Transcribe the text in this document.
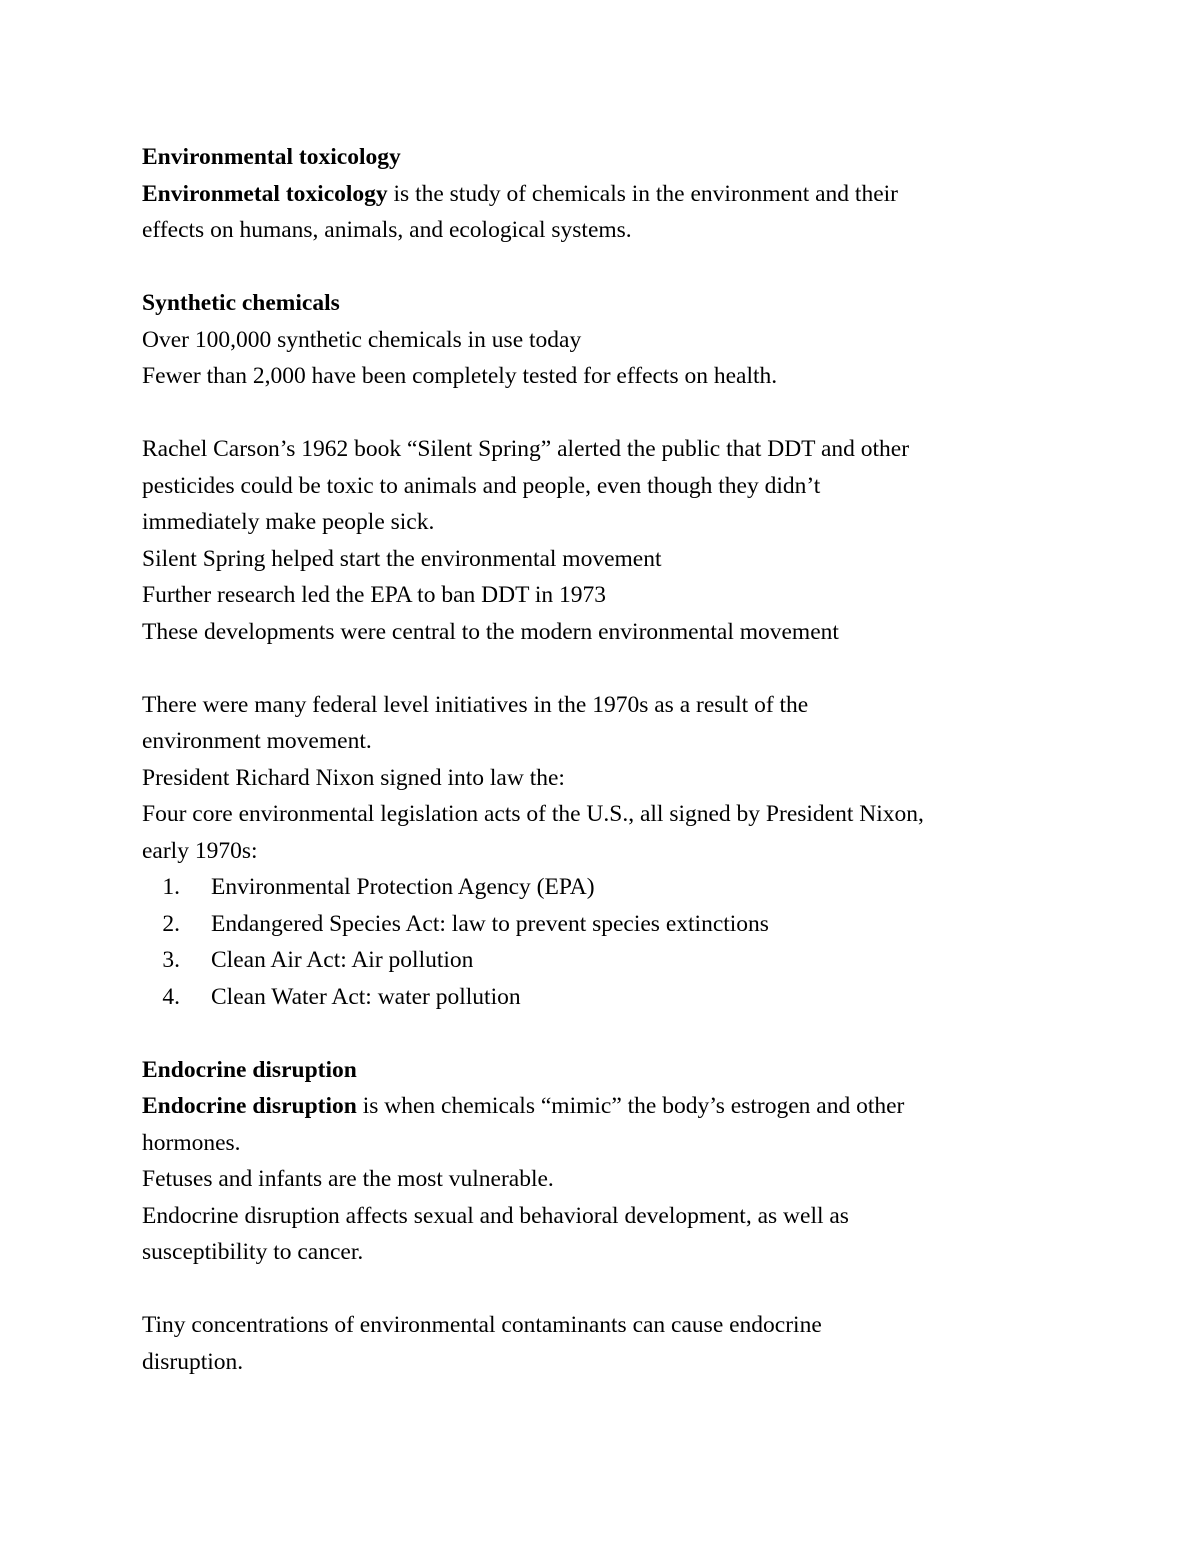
Environmental toxicology

Environmetal toxicology is the study of chemicals in the environment and their

effects on humans, animals, and ecological systems.

Synthetic chemicals

Over 100,000 synthetic chemicals in use today

Fewer than 2,000 have been completely tested for effects on health.

Rachel Carson’s 1962 book “Silent Spring” alerted the public that DDT and other

pesticides could be toxic to animals and people, even though they didn’t

immediately make people sick.

Silent Spring helped start the environmental movement

Further research led the EPA to ban DDT in 1973

These developments were central to the modern environmental movement

There were many federal level initiatives in the 1970s as a result of the

environment movement.

President Richard Nixon signed into law the:

Four core environmental legislation acts of the U.S., all signed by President Nixon,

early 1970s:

1.	Environmental Protection Agency (EPA)
2.	Endangered Species Act: law to prevent species extinctions
3.	Clean Air Act: Air pollution
4.	Clean Water Act: water pollution

Endocrine disruption

Endocrine disruption is when chemicals “mimic” the body’s estrogen and other

hormones.

Fetuses and infants are the most vulnerable.

Endocrine disruption affects sexual and behavioral development, as well as

susceptibility to cancer.

Tiny concentrations of environmental contaminants can cause endocrine

disruption.
